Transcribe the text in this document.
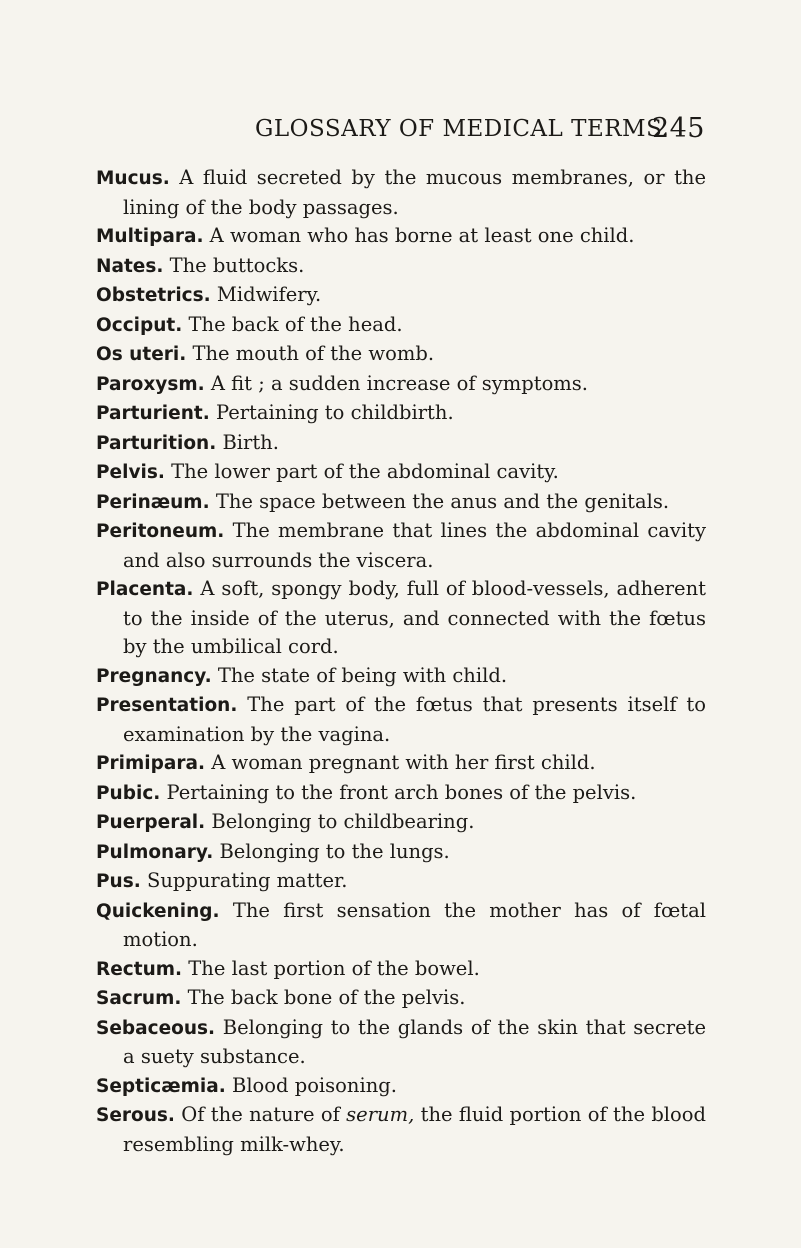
GLOSSARY OF MEDICAL TERMS.
245

Mucus. A fluid secreted by the mucous membranes, or the lining of the body passages.

Multipara. A woman who has borne at least one child.

Nates. The buttocks.

Obstetrics. Midwifery.

Occiput. The back of the head.

Os uteri. The mouth of the womb.

Paroxysm. A fit ; a sudden increase of symptoms.

Parturient. Pertaining to childbirth.

Parturition. Birth.

Pelvis. The lower part of the abdominal cavity.

Perinæum. The space between the anus and the genitals.

Peritoneum. The membrane that lines the abdominal cavity and also surrounds the viscera.

Placenta. A soft, spongy body, full of blood-vessels, adherent to the inside of the uterus, and connected with the fœtus by the umbilical cord.

Pregnancy. The state of being with child.

Presentation. The part of the fœtus that presents itself to examination by the vagina.

Primipara. A woman pregnant with her first child.

Pubic. Pertaining to the front arch bones of the pelvis.

Puerperal. Belonging to childbearing.

Pulmonary. Belonging to the lungs.

Pus. Suppurating matter.

Quickening. The first sensation the mother has of fœtal motion.

Rectum. The last portion of the bowel.

Sacrum. The back bone of the pelvis.

Sebaceous. Belonging to the glands of the skin that secrete a suety substance.

Septicæmia. Blood poisoning.

Serous. Of the nature of serum, the fluid portion of the blood resembling milk-whey.
